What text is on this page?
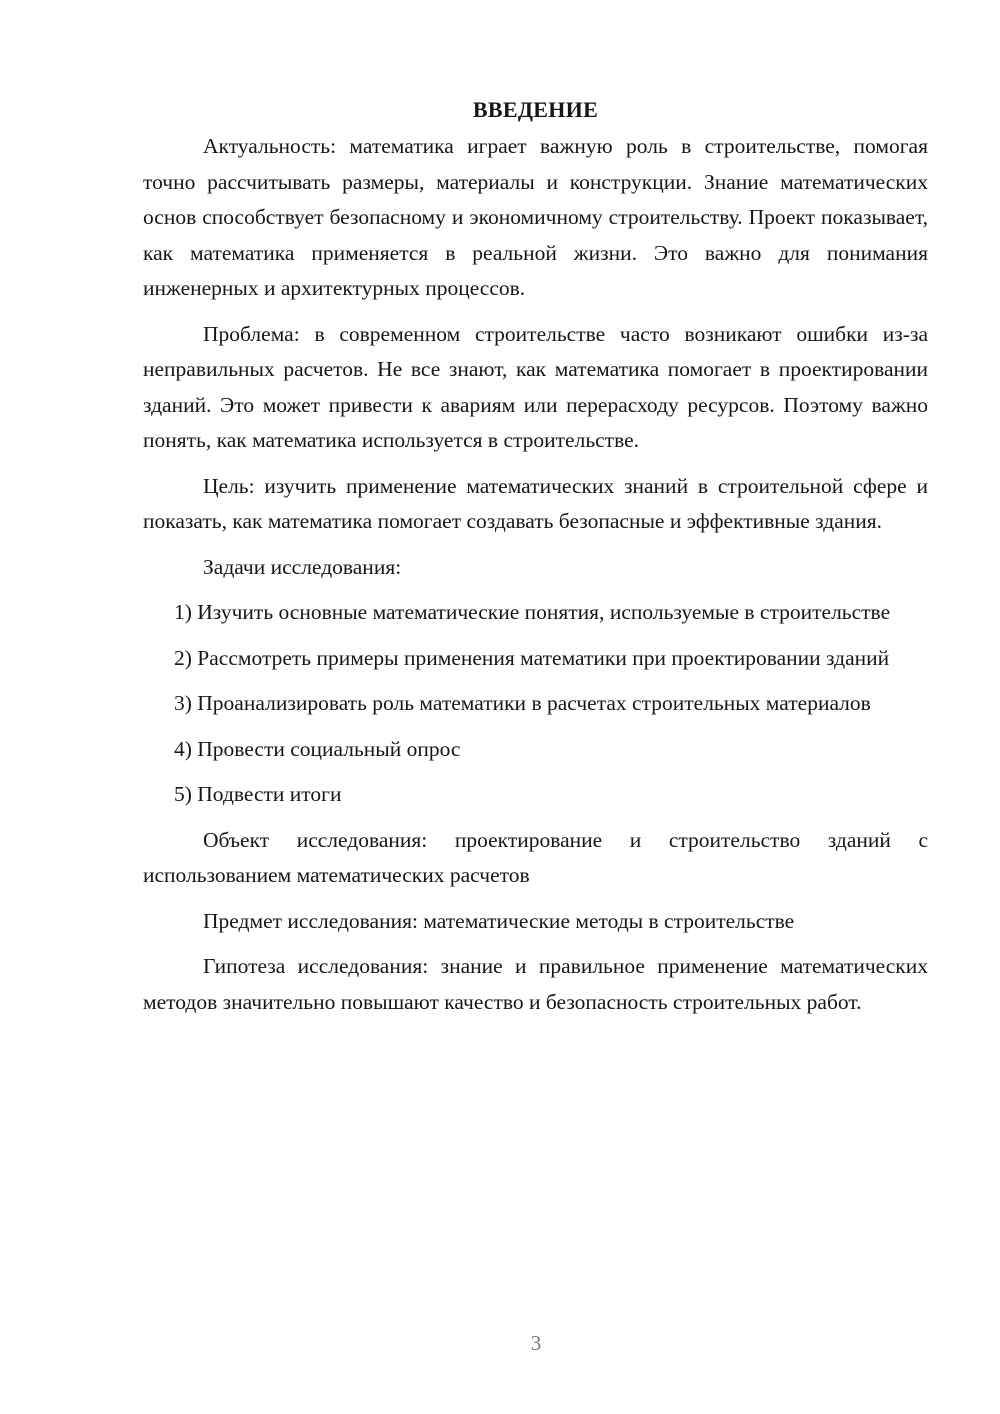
ВВЕДЕНИЕ

Актуальность: математика играет важную роль в строительстве, помогая точно рассчитывать размеры, материалы и конструкции. Знание математических основ способствует безопасному и экономичному строительству. Проект показывает, как математика применяется в реальной жизни. Это важно для понимания инженерных и архитектурных процессов.

Проблема: в современном строительстве часто возникают ошибки из-за неправильных расчетов. Не все знают, как математика помогает в проектировании зданий. Это может привести к авариям или перерасходу ресурсов. Поэтому важно понять, как математика используется в строительстве.

Цель: изучить применение математических знаний в строительной сфере и показать, как математика помогает создавать безопасные и эффективные здания.

Задачи исследования:

1) Изучить основные математические понятия, используемые в строительстве

2) Рассмотреть примеры применения математики при проектировании зданий

3) Проанализировать роль математики в расчетах строительных материалов

4) Провести социальный опрос

5) Подвести итоги

Объект исследования: проектирование и строительство зданий с использованием математических расчетов

Предмет исследования: математические методы в строительстве

Гипотеза исследования: знание и правильное применение математических методов значительно повышают качество и безопасность строительных работ.

3
